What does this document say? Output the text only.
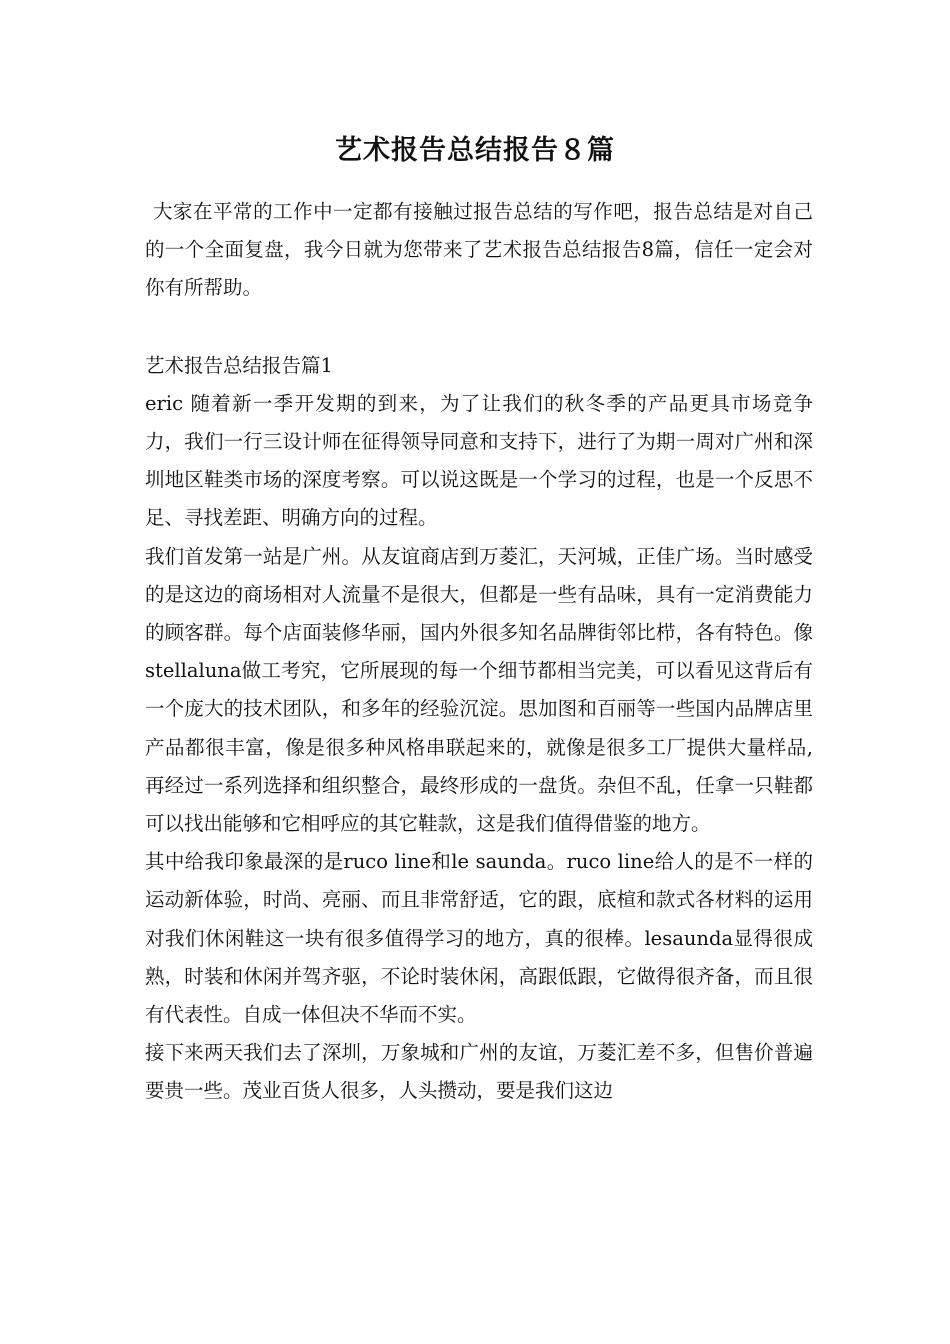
艺术报告总结报告８篇

大家在平常的工作中一定都有接触过报告总结的写作吧，报告总结是对自己的一个全面复盘，我今日就为您带来了艺术报告总结报告8篇，信任一定会对你有所帮助。

艺术报告总结报告篇1

eric 随着新一季开发期的到来，为了让我们的秋冬季的产品更具市场竞争力，我们一行三设计师在征得领导同意和支持下，进行了为期一周对广州和深圳地区鞋类市场的深度考察。可以说这既是一个学习的过程，也是一个反思不足、寻找差距、明确方向的过程。

我们首发第一站是广州。从友谊商店到万菱汇，天河城，正佳广场。当时感受的是这边的商场相对人流量不是很大，但都是一些有品味，具有一定消费能力的顾客群。每个店面装修华丽，国内外很多知名品牌街邻比栉，各有特色。像stellaluna做工考究，它所展现的每一个细节都相当完美，可以看见这背后有一个庞大的技术团队，和多年的经验沉淀。思加图和百丽等一些国内品牌店里产品都很丰富，像是很多种风格串联起来的，就像是很多工厂提供大量样品,再经过一系列选择和组织整合，最终形成的一盘货。杂但不乱，任拿一只鞋都可以找出能够和它相呼应的其它鞋款，这是我们值得借鉴的地方。

其中给我印象最深的是ruco line和le saunda。ruco line给人的是不一样的运动新体验，时尚、亮丽、而且非常舒适，它的跟，底楦和款式各材料的运用对我们休闲鞋这一块有很多值得学习的地方，真的很棒。lesaunda显得很成熟，时装和休闲并驾齐驱，不论时装休闲，高跟低跟，它做得很齐备，而且很有代表性。自成一体但决不华而不实。

接下来两天我们去了深圳，万象城和广州的友谊，万菱汇差不多，但售价普遍要贵一些。茂业百货人很多，人头攒动，要是我们这边
